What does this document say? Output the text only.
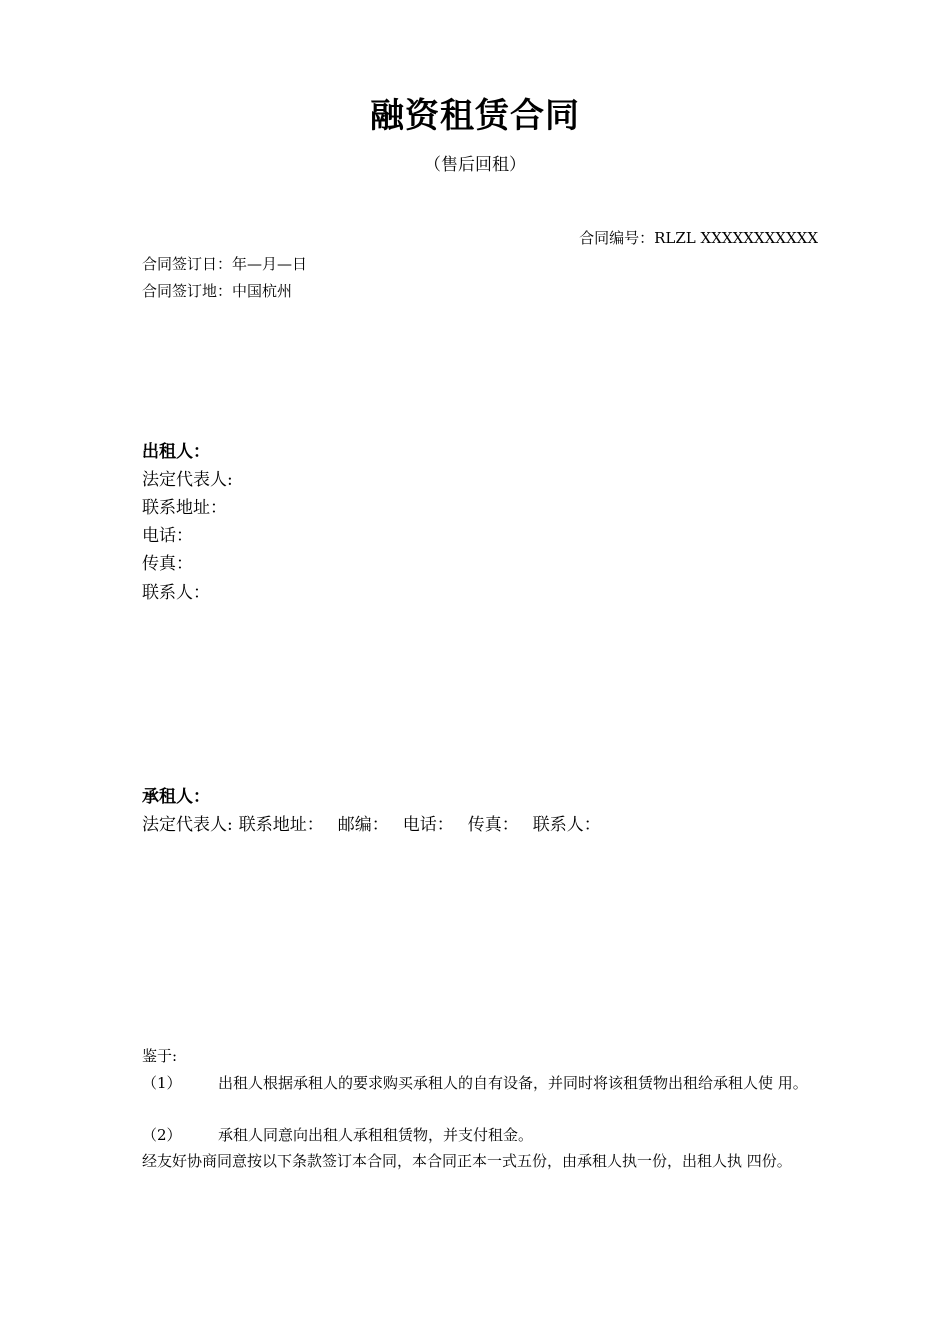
融资租赁合同
（售后回租）
合同编号：RLZL XXXXXXXXXXX
合同签订日：年—月—日
合同签订地：中国杭州
出租人：
法定代表人:
联系地址：
电话：
传真：
联系人：
承租人：
法定代表人: 联系地址： 邮编： 电话： 传真： 联系人：
鉴于:
（1） 出租人根据承租人的要求购买承租人的自有设备，并同时将该租赁物出租给承租人使 用。
（2） 承租人同意向出租人承租租赁物，并支付租金。
经友好协商同意按以下条款签订本合同，本合同正本一式五份，由承租人执一份，出租人执 四份。
